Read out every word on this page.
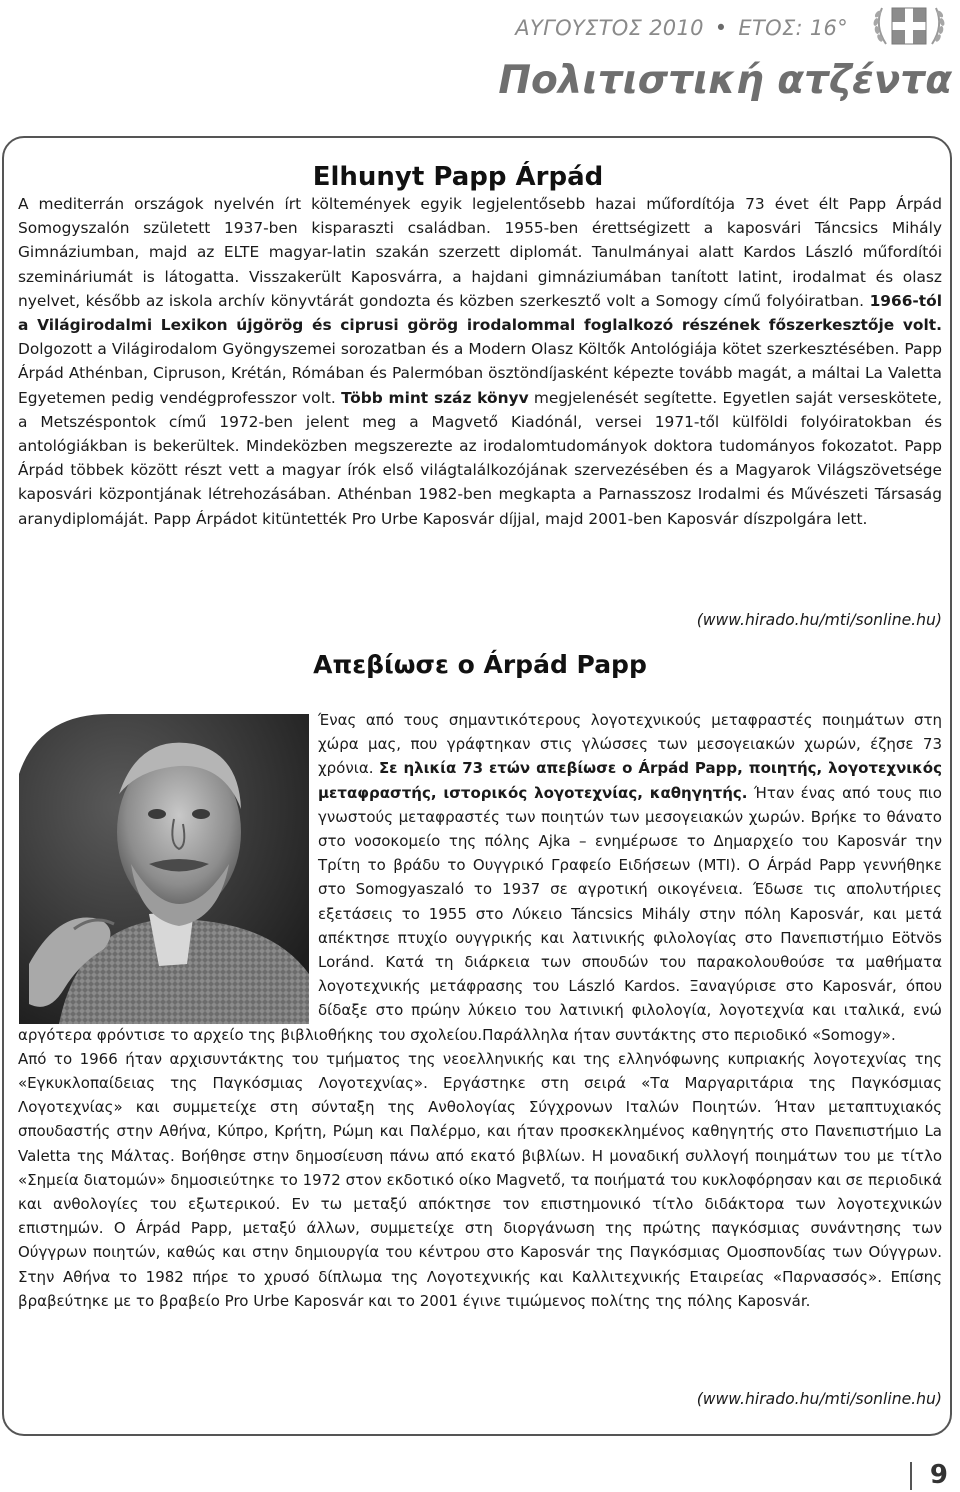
ΑΥΓΟΥΣΤΟΣ 2010 • ΕΤΟΣ: 16°
Πολιτιστική ατζέντα
Elhunyt Papp Árpád

A mediterrán országok nyelvén írt költemények egyik legjelentősebb hazai műfordítója 73 évet élt Papp Árpád Somogyszalón született 1937-ben kisparaszti családban. 1955-ben érettségizett a kaposvári Táncsics Mihály Gimnáziumban, majd az ELTE magyar-latin szakán szerzett diplomát. Tanulmányai alatt Kardos László műfordítói szemináriumát is látogatta. Visszakerült Kaposvárra, a hajdani gimnáziumában tanított latint, irodalmat és olasz nyelvet, később az iskola archív könyvtárát gondozta és közben szerkesztő volt a Somogy című folyóiratban. 1966-tól a Világirodalmi Lexikon újgörög és ciprusi görög irodalommal foglalkozó részének főszerkesztője volt. Dolgozott a Világirodalom Gyöngyszemei sorozatban és a Modern Olasz Költők Antológiája kötet szerkesztésében. Papp Árpád Athénban, Cipruson, Krétán, Rómában és Palermóban ösztöndíjasként képezte tovább magát, a máltai La Valetta Egyetemen pedig vendégprofesszor volt. Több mint száz könyv megjelenését segítette. Egyetlen saját verseskötete, a Metszéspontok című 1972-ben jelent meg a Magvető Kiadónál, versei 1971-től külföldi folyóiratokban és antológiákban is bekerültek. Mindeközben megszerezte az irodalomtudományok doktora tudományos fokozatot. Papp Árpád többek között részt vett a magyar írók első világtalálkozójának szervezésében és a Magyarok Világszövetsége kaposvári központjának létrehozásában. Athénban 1982-ben megkapta a Parnasszosz Irodalmi és Művészeti Társaság aranydiplomáját. Papp Árpádot kitüntették Pro Urbe Kaposvár díjjal, majd 2001-ben Kaposvár díszpolgára lett.

(www.hirado.hu/mti/sonline.hu)
Απεβίωσε ο Árpád Papp

Ένας από τους σημαντικότερους λογοτεχνικούς μεταφραστές ποιημάτων στη χώρα μας, που γράφτηκαν στις γλώσσες των μεσογειακών χωρών, έζησε 73 χρόνια. Σε ηλικία 73 ετών απεβίωσε ο Árpád Papp, ποιητής, λογοτεχνικός μεταφραστής, ιστορικός λογοτεχνίας, καθηγητής. Ήταν ένας από τους πιο γνωστούς μεταφραστές των ποιητών των μεσογειακών χωρών. Βρήκε το θάνατο στο νοσοκομείο της πόλης Ajka – ενημέρωσε το Δημαρχείο του Kaposvár την Τρίτη το βράδυ το Ουγγρικό Γραφείο Ειδήσεων (MTI). Ο Árpád Papp γεννήθηκε στο Somogyaszaló το 1937 σε αγροτική οικογένεια. Έδωσε τις απολυτήριες εξετάσεις το 1955 στο Λύκειο Táncsics Mihály στην πόλη Kaposvár, και μετά απέκτησε πτυχίο ουγγρικής και λατινικής φιλολογίας στο Πανεπιστήμιο Eötvös Loránd. Κατά τη διάρκεια των σπουδών του παρακολουθούσε τα μαθήματα λογοτεχνικής μετάφρασης του László Kardos. Ξαναγύρισε στο Kaposvár, όπου δίδαξε στο πρώην λύκειο του λατινική φιλολογία, λογοτεχνία και ιταλικά, ενώ αργότερα φρόντισε το αρχείο της βιβλιοθήκης του σχολείου.Παράλληλα ήταν συντάκτης στο περιοδικό «Somogy».

Από το 1966 ήταν αρχισυντάκτης του τμήματος της νεοελληνικής και της ελληνόφωνης κυπριακής λογοτεχνίας της «Εγκυκλοπαίδειας της Παγκόσμιας Λογοτεχνίας». Εργάστηκε στη σειρά «Τα Μαργαριτάρια της Παγκόσμιας Λογοτεχνίας» και συμμετείχε στη σύνταξη της Ανθολογίας Σύγχρονων Ιταλών Ποιητών. Ήταν μεταπτυχιακός σπουδαστής στην Αθήνα, Κύπρο, Κρήτη, Ρώμη και Παλέρμο, και ήταν προσκεκλημένος καθηγητής στο Πανεπιστήμιο La Valetta της Μάλτας. Βοήθησε στην δημοσίευση πάνω από εκατό βιβλίων. Η μοναδική συλλογή ποιημάτων του με τίτλο «Σημεία διατομών» δημοσιεύτηκε το 1972 στον εκδοτικό οίκο Magvető, τα ποιήματά του κυκλοφόρησαν και σε περιοδικά και ανθολογίες του εξωτερικού. Εν τω μεταξύ απόκτησε τον επιστημονικό τίτλο διδάκτορα των λογοτεχνικών επιστημών. Ο Árpád Papp, μεταξύ άλλων, συμμετείχε στη διοργάνωση της πρώτης παγκόσμιας συνάντησης των Ούγγρων ποιητών, καθώς και στην δημιουργία του κέντρου στο Kaposvár της Παγκόσμιας Ομοσπονδίας των Ούγγρων. Στην Αθήνα το 1982 πήρε το χρυσό δίπλωμα της Λογοτεχνικής και Καλλιτεχνικής Εταιρείας «Παρνασσός». Επίσης βραβεύτηκε με το βραβείο Pro Urbe Kaposvár και το 2001 έγινε τιμώμενος πολίτης της πόλης Kaposvár.

(www.hirado.hu/mti/sonline.hu)
9
